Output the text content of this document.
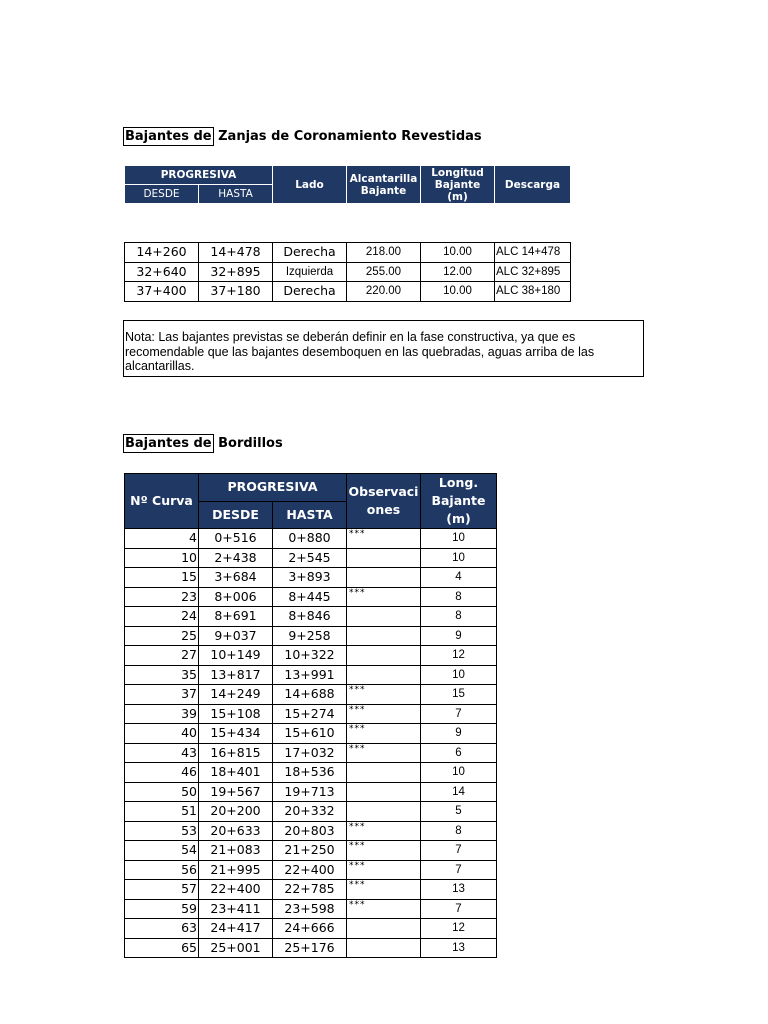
Bajantes de Zanjas de Coronamiento Revestidas
PROGRESIVA		Lado	Alcantarilla Bajante	Longitud Bajante (m)	Descarga
DESDE	HASTA				
14+260	14+478	Derecha	218.00	10.00	ALC 14+478
32+640	32+895	Izquierda	255.00	12.00	ALC 32+895
37+400	37+180	Derecha	220.00	10.00	ALC 38+180
Nota: Las bajantes previstas se deberán definir en la fase constructiva, ya que es recomendable que las bajantes desemboquen en las quebradas, aguas arriba de las alcantarillas.
Bajantes de Bordillos
Nº Curva	PROGRESIVA		Observaciones	Long. Bajante (m)
	DESDE	HASTA		
4	0+516	0+880	***	10
10	2+438	2+545		10
15	3+684	3+893		4
23	8+006	8+445	***	8
24	8+691	8+846		8
25	9+037	9+258		9
27	10+149	10+322		12
35	13+817	13+991		10
37	14+249	14+688	***	15
39	15+108	15+274	***	7
40	15+434	15+610	***	9
43	16+815	17+032	***	6
46	18+401	18+536		10
50	19+567	19+713		14
51	20+200	20+332		5
53	20+633	20+803	***	8
54	21+083	21+250	***	7
56	21+995	22+400	***	7
57	22+400	22+785	***	13
59	23+411	23+598	***	7
63	24+417	24+666		12
65	25+001	25+176		13
